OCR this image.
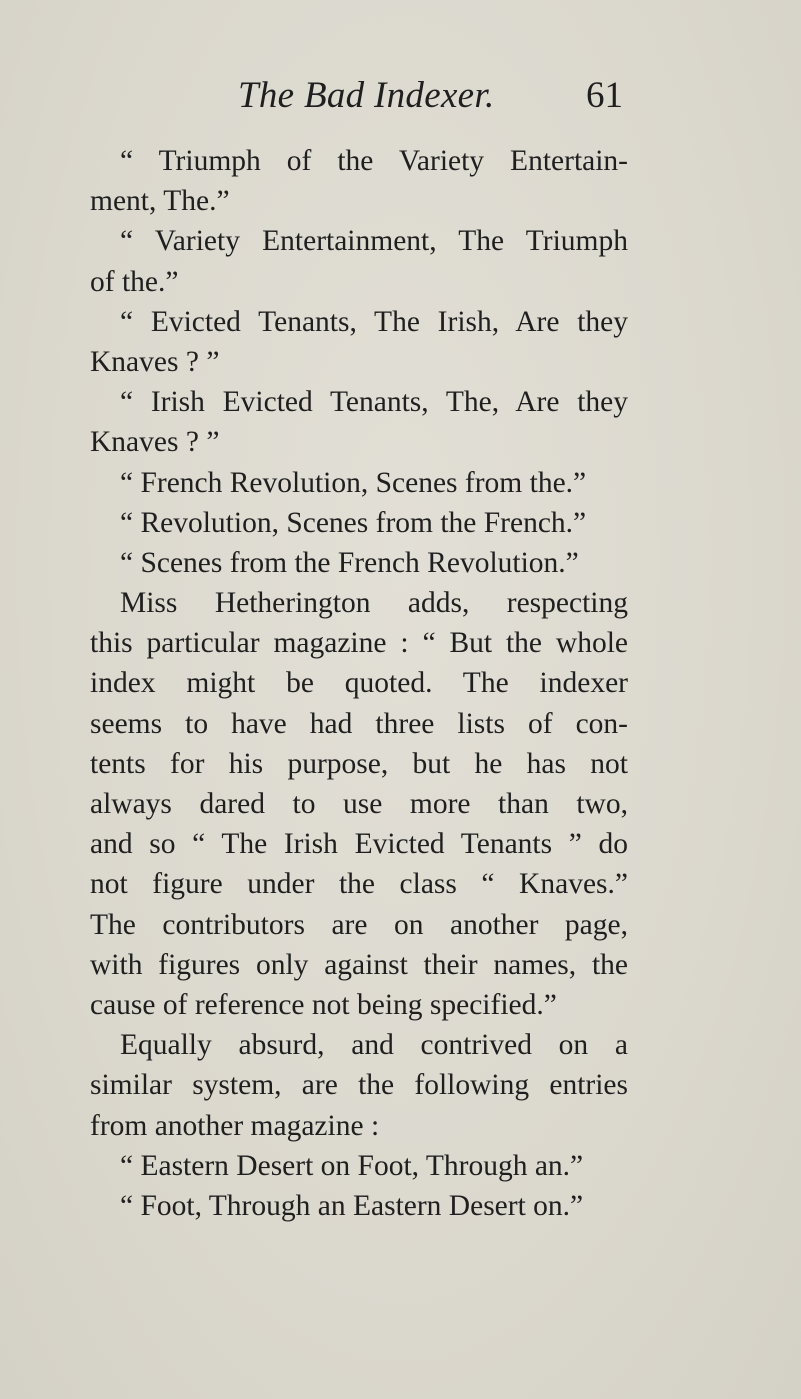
The Bad Indexer. 61
“ Triumph of the Variety Entertain-
ment, The.”
“ Variety Entertainment, The Triumph
of the.”
“ Evicted Tenants, The Irish, Are they
Knaves ? ”
“ Irish Evicted Tenants, The, Are they
Knaves ? ”
“ French Revolution, Scenes from the.”
“ Revolution, Scenes from the French.”
“ Scenes from the French Revolution.”
Miss Hetherington adds, respecting
this particular magazine : “ But the whole
index might be quoted. The indexer
seems to have had three lists of con-
tents for his purpose, but he has not
always dared to use more than two,
and so “ The Irish Evicted Tenants ” do
not figure under the class “ Knaves.”
The contributors are on another page,
with figures only against their names, the
cause of reference not being specified.”
Equally absurd, and contrived on a
similar system, are the following entries
from another magazine :
“ Eastern Desert on Foot, Through an.”
“ Foot, Through an Eastern Desert on.”
